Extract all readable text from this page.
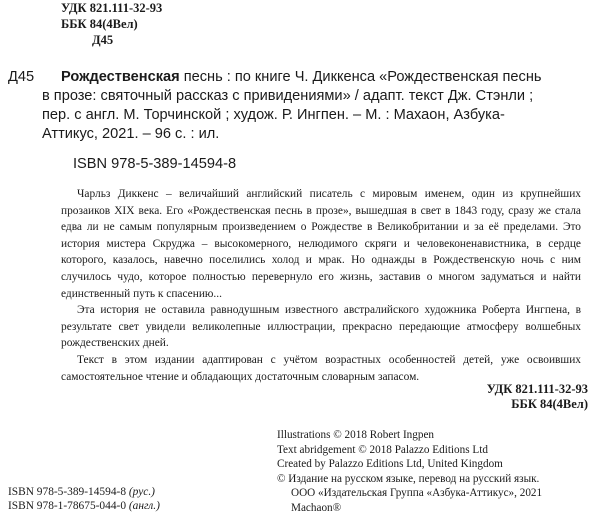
УДК 821.111-32-93
ББК 84(4Вел)
Д45
Д45 Рождественская песнь : по книге Ч. Диккенса «Рождественская песнь
в прозе: святочный рассказ с привидениями» / адапт. текст Дж. Стэнли ;
пер. с англ. М. Торчинской ; худож. Р. Ингпен. – М. : Махаон, Азбука-
Аттикус, 2021. – 96 с. : ил.
ISBN 978-5-389-14594-8

Чарльз Диккенс – величайший английский писатель с мировым именем, один из крупнейших прозаиков XIX века. Его «Рождественская песнь в прозе», вышедшая в свет в 1843 году, сразу же стала едва ли не самым популярным произведением о Рождестве в Великобритании и за её пределами. Это история мистера Скруджа – высокомерного, нелюдимого скряги и человеконенавистника, в сердце которого, казалось, навечно поселились холод и мрак. Но однажды в Рождественскую ночь с ним случилось чудо, которое полностью перевернуло его жизнь, заставив о многом задуматься и найти единственный путь к спасению...

Эта история не оставила равнодушным известного австралийского художника Роберта Ингпена, в результате свет увидели великолепные иллюстрации, прекрасно передающие атмосферу волшебных рождественских дней.

Текст в этом издании адаптирован с учётом возрастных особенностей детей, уже освоивших самостоятельное чтение и обладающих достаточным словарным запасом.

УДК 821.111-32-93
ББК 84(4Вел)
Illustrations © 2018 Robert Ingpen
Text abridgement © 2018 Palazzo Editions Ltd
Created by Palazzo Editions Ltd, United Kingdom
© Издание на русском языке, перевод на русский язык.
ООО «Издательская Группа «Азбука-Аттикус», 2021
Machaon®
ISBN 978-5-389-14594-8 (рус.)
ISBN 978-1-78675-044-0 (англ.)
